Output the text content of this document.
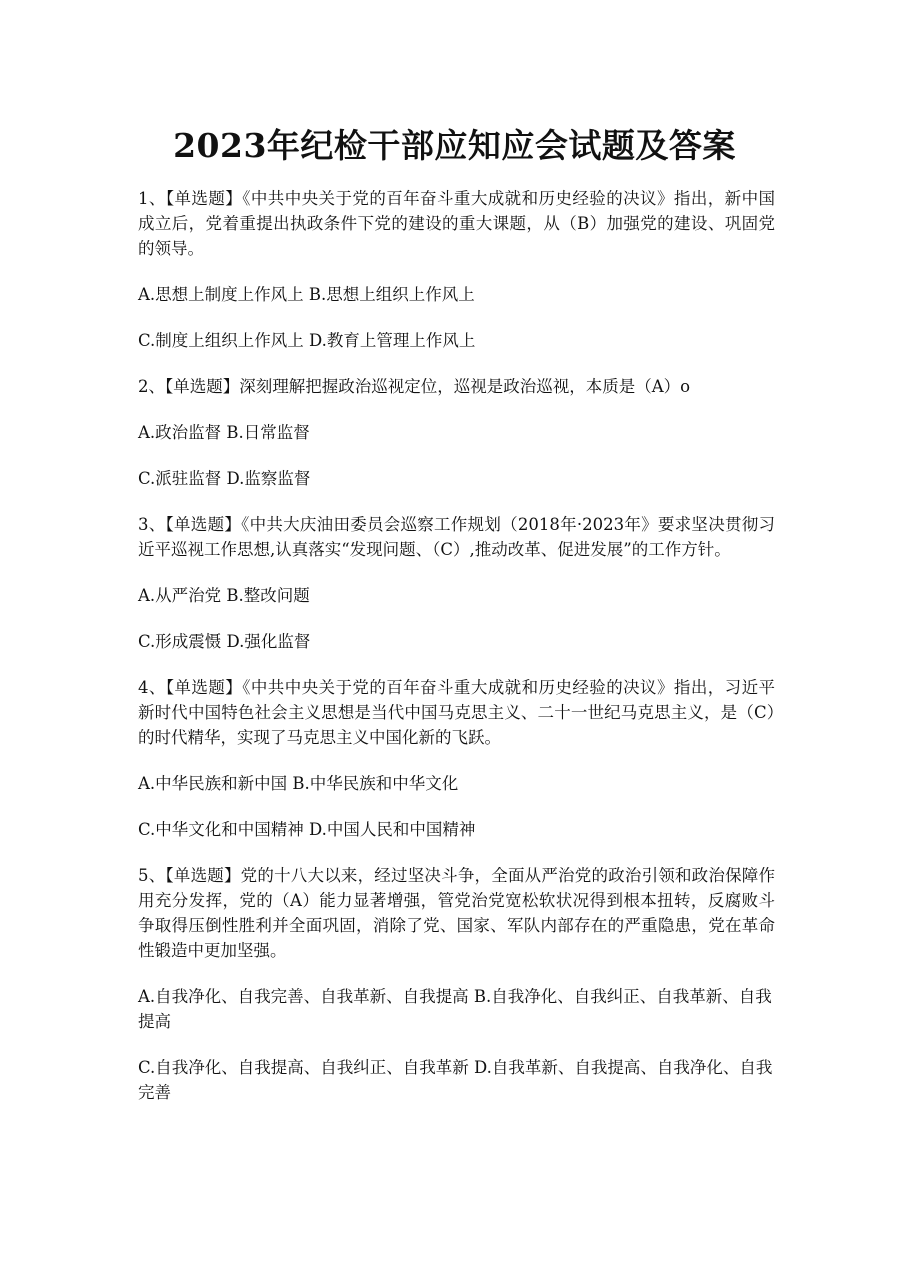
2023年纪检干部应知应会试题及答案

1、【单选题】《中共中央关于党的百年奋斗重大成就和历史经验的决议》指出，新中国成立后，党着重提出执政条件下党的建设的重大课题，从（B）加强党的建设、巩固党的领导。

A.思想上制度上作风上 B.思想上组织上作风上

C.制度上组织上作风上 D.教育上管理上作风上

2、【单选题】深刻理解把握政治巡视定位，巡视是政治巡视，本质是（A）o

A.政治监督 B.日常监督

C.派驻监督 D.监察监督

3、【单选题】《中共大庆油田委员会巡察工作规划（2018年·2023年》要求坚决贯彻习近平巡视工作思想,认真落实“发现问题、（C）,推动改革、促进发展”的工作方针。

A.从严治党 B.整改问题

C.形成震慑 D.强化监督

4、【单选题】《中共中央关于党的百年奋斗重大成就和历史经验的决议》指出，习近平新时代中国特色社会主义思想是当代中国马克思主义、二十一世纪马克思主义，是（C）的时代精华，实现了马克思主义中国化新的飞跃。

A.中华民族和新中国 B.中华民族和中华文化

C.中华文化和中国精神 D.中国人民和中国精神

5、【单选题】党的十八大以来，经过坚决斗争，全面从严治党的政治引领和政治保障作用充分发挥，党的（A）能力显著增强，管党治党宽松软状况得到根本扭转，反腐败斗争取得压倒性胜利并全面巩固，消除了党、国家、军队内部存在的严重隐患，党在革命性锻造中更加坚强。

A.自我净化、自我完善、自我革新、自我提高 B.自我净化、自我纠正、自我革新、自我提高

C.自我净化、自我提高、自我纠正、自我革新 D.自我革新、自我提高、自我净化、自我完善
